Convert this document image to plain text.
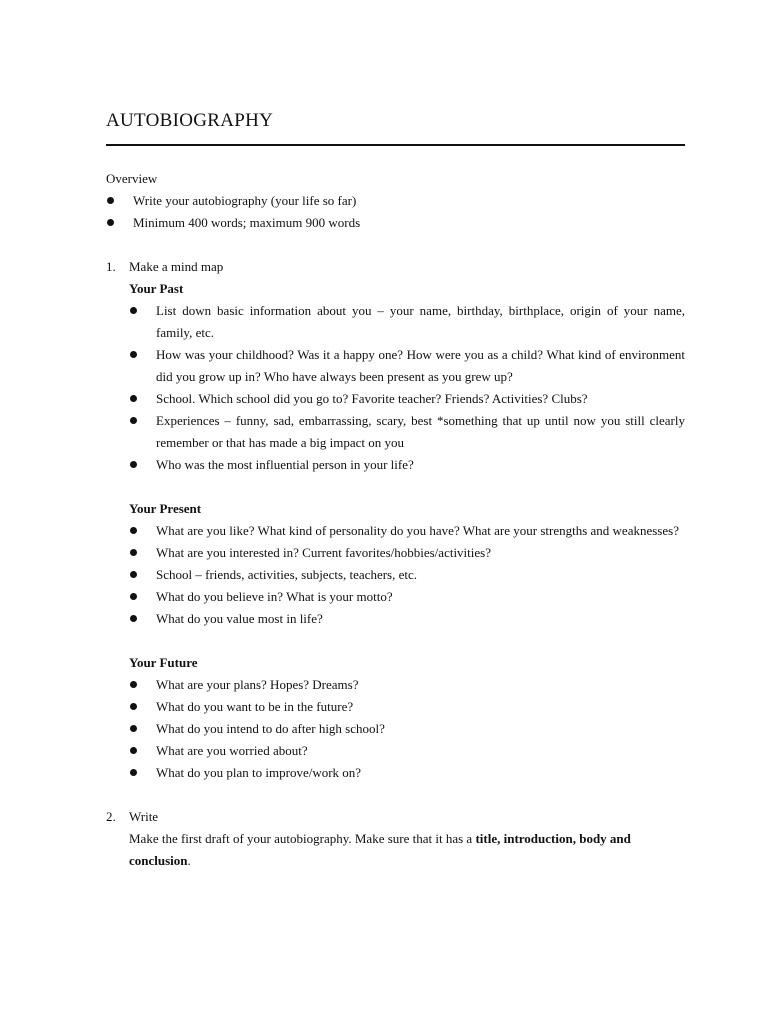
AUTOBIOGRAPHY

Overview

Write your autobiography (your life so far)
Minimum 400 words; maximum 900 words
1.	Make a mind map

Your Past

List down basic information about you – your name, birthday, birthplace, origin of your name, family, etc.
How was your childhood? Was it a happy one? How were you as a child? What kind of environment did you grow up in? Who have always been present as you grew up?
School. Which school did you go to? Favorite teacher? Friends? Activities? Clubs?
Experiences – funny, sad, embarrassing, scary, best *something that up until now you still clearly remember or that has made a big impact on you
Who was the most influential person in your life?

Your Present

What are you like? What kind of personality do you have? What are your strengths and weaknesses?
What are you interested in? Current favorites/hobbies/activities?
School – friends, activities, subjects, teachers, etc.
What do you believe in? What is your motto?
What do you value most in life?

Your Future

What are your plans? Hopes? Dreams?
What do you want to be in the future?
What do you intend to do after high school?
What are you worried about?
What do you plan to improve/work on?
2.	Write

Make the first draft of your autobiography. Make sure that it has a title, introduction, body and conclusion.
